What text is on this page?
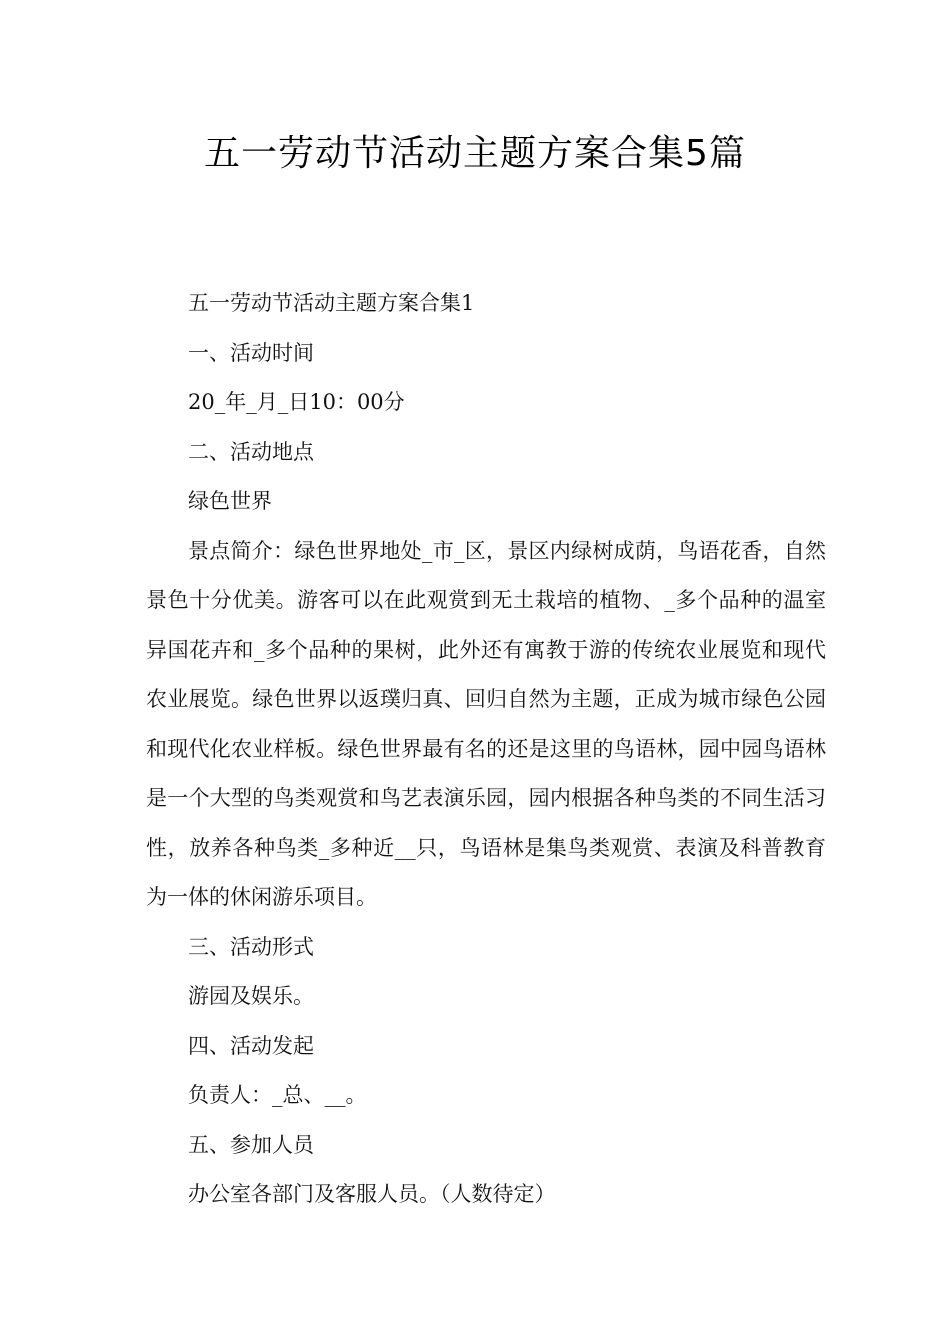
五一劳动节活动主题方案合集5篇

五一劳动节活动主题方案合集1

一、活动时间

20_年_月_日10：00分

二、活动地点

绿色世界

景点简介：绿色世界地处_市_区，景区内绿树成荫，鸟语花香，自然景色十分优美。游客可以在此观赏到无土栽培的植物、_多个品种的温室异国花卉和_多个品种的果树，此外还有寓教于游的传统农业展览和现代农业展览。绿色世界以返璞归真、回归自然为主题，正成为城市绿色公园和现代化农业样板。绿色世界最有名的还是这里的鸟语林，园中园鸟语林是一个大型的鸟类观赏和鸟艺表演乐园，园内根据各种鸟类的不同生活习性，放养各种鸟类_多种近__只，鸟语林是集鸟类观赏、表演及科普教育为一体的休闲游乐项目。

三、活动形式

游园及娱乐。

四、活动发起

负责人：_总、__。

五、参加人员

办公室各部门及客服人员。（人数待定）
